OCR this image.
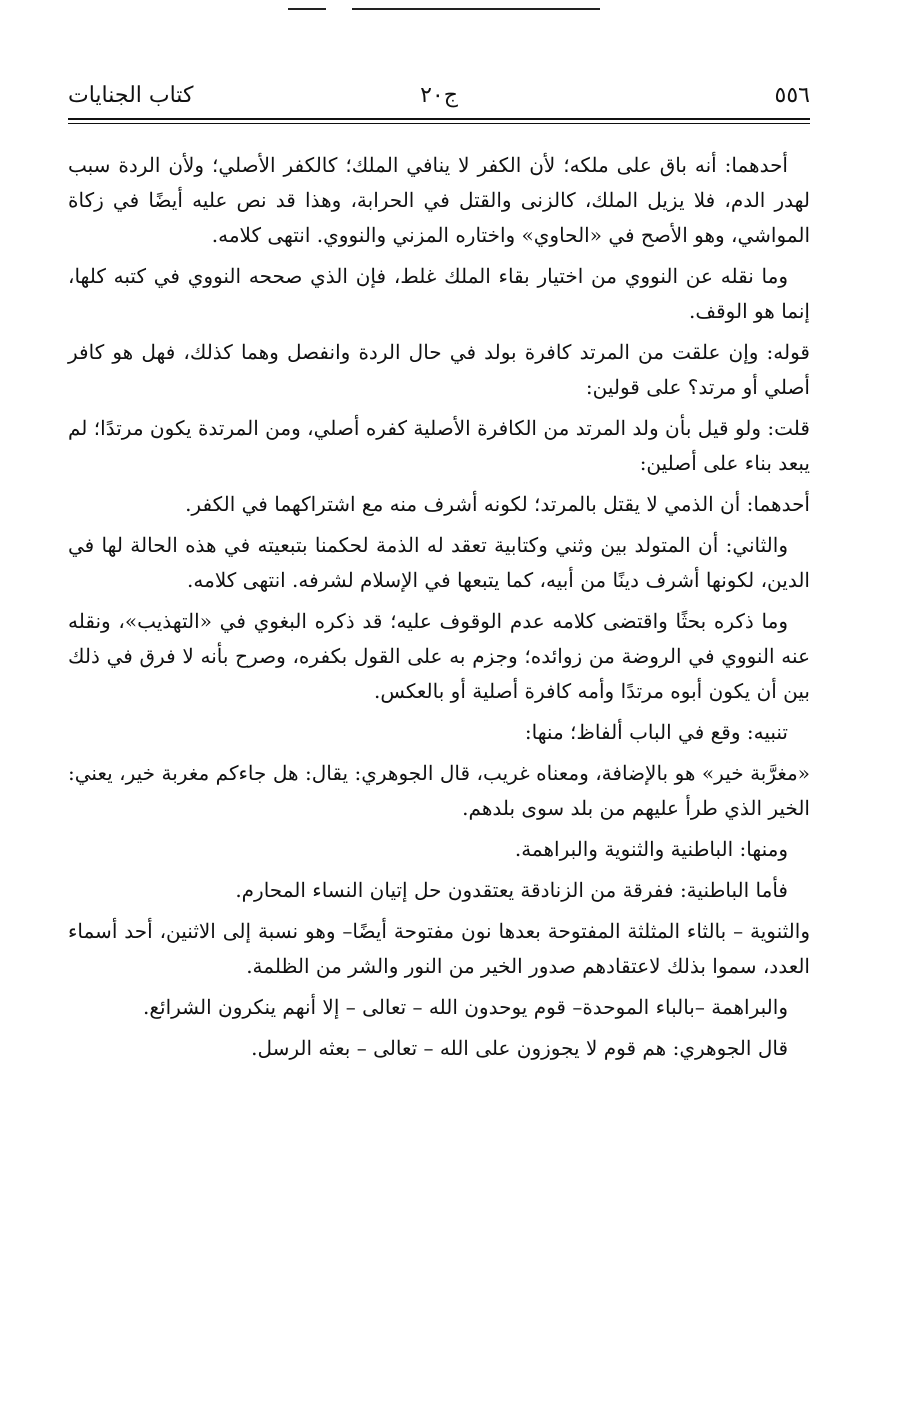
٥٥٦
ج٢٠
كتاب الجنايات

أحدهما: أنه باق على ملكه؛ لأن الكفر لا ينافي الملك؛ كالكفر الأصلي؛ ولأن الردة سبب لهدر الدم، فلا يزيل الملك، كالزنى والقتل في الحرابة، وهذا قد نص عليه أيضًا في زكاة المواشي، وهو الأصح في «الحاوي» واختاره المزني والنووي. انتهى كلامه.

وما نقله عن النووي من اختيار بقاء الملك غلط، فإن الذي صححه النووي في كتبه كلها، إنما هو الوقف.

قوله: وإن علقت من المرتد كافرة بولد في حال الردة وانفصل وهما كذلك، فهل هو كافر أصلي أو مرتد؟ على قولين:

قلت: ولو قيل بأن ولد المرتد من الكافرة الأصلية كفره أصلي، ومن المرتدة يكون مرتدًا؛ لم يبعد بناء على أصلين:

أحدهما: أن الذمي لا يقتل بالمرتد؛ لكونه أشرف منه مع اشتراكهما في الكفر.

والثاني: أن المتولد بين وثني وكتابية تعقد له الذمة لحكمنا بتبعيته في هذه الحالة لها في الدين، لكونها أشرف دينًا من أبيه، كما يتبعها في الإسلام لشرفه. انتهى كلامه.

وما ذكره بحثًا واقتضى كلامه عدم الوقوف عليه؛ قد ذكره البغوي في «التهذيب»، ونقله عنه النووي في الروضة من زوائده؛ وجزم به على القول بكفره، وصرح بأنه لا فرق في ذلك بين أن يكون أبوه مرتدًا وأمه كافرة أصلية أو بالعكس.

تنبيه: وقع في الباب ألفاظ؛ منها:

«مغرَّبة خير» هو بالإضافة، ومعناه غريب، قال الجوهري: يقال: هل جاءكم مغربة خير، يعني: الخير الذي طرأ عليهم من بلد سوى بلدهم.

ومنها: الباطنية والثنوية والبراهمة.

فأما الباطنية: ففرقة من الزنادقة يعتقدون حل إتيان النساء المحارم.

والثنوية – بالثاء المثلثة المفتوحة بعدها نون مفتوحة أيضًا– وهو نسبة إلى الاثنين، أحد أسماء العدد، سموا بذلك لاعتقادهم صدور الخير من النور والشر من الظلمة.

والبراهمة –بالباء الموحدة– قوم يوحدون الله – تعالى – إلا أنهم ينكرون الشرائع.

قال الجوهري: هم قوم لا يجوزون على الله – تعالى – بعثه الرسل.
